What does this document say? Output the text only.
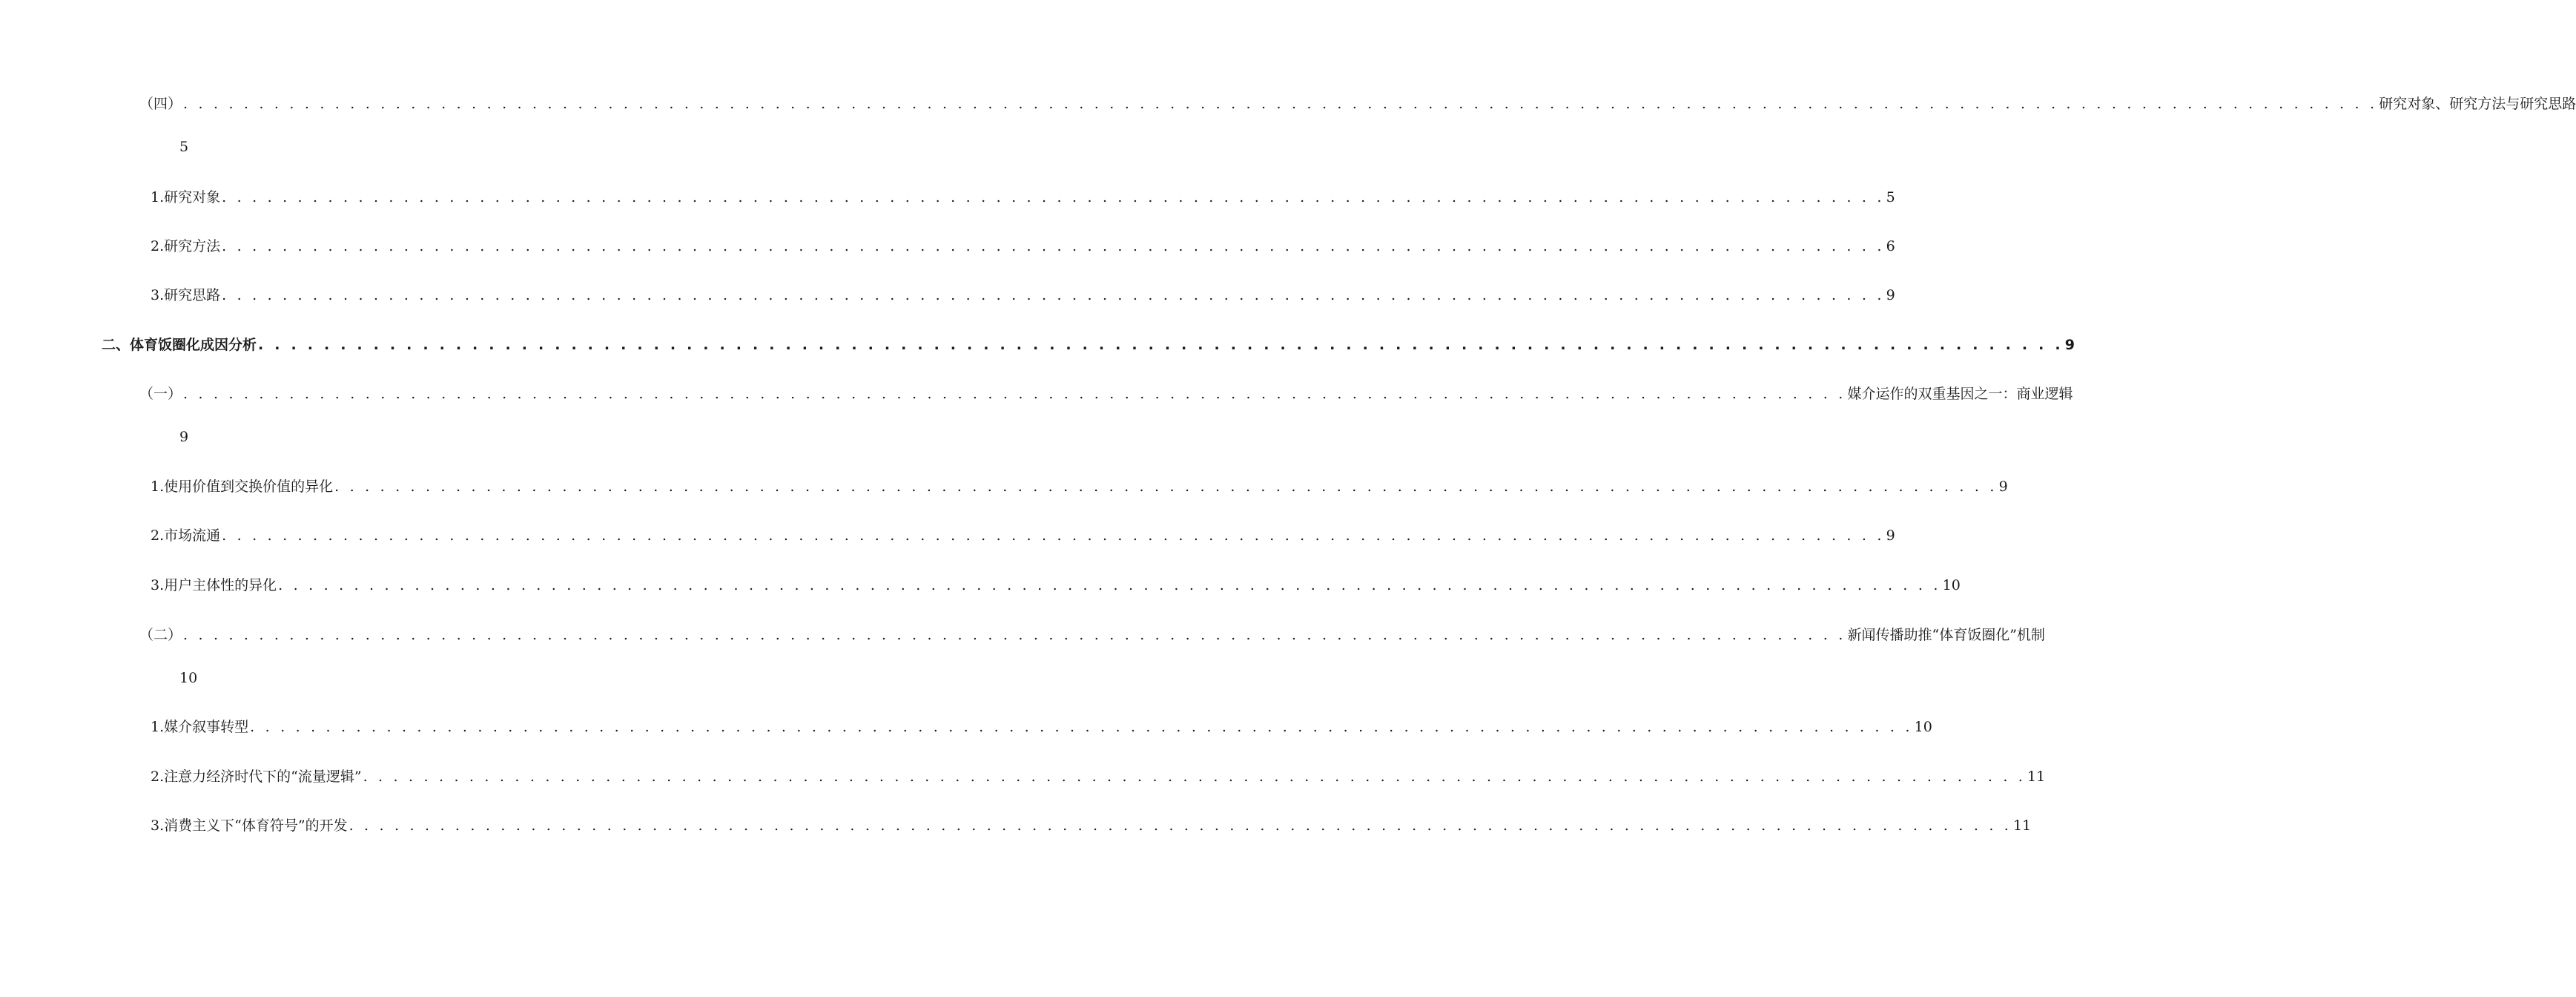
（四） . . . . . . . . . . . . . . . . . . . . . . . . . . . . . . . . . . . . . . . . . . . . . . . . . . . . . . . . . . . . . . . . . . . . . . . . . . . . . . . . . . . . . . . . . . . . . . . . . . . . . . . . . . . . . . . . . . . . . . . . . . . . . . . . . . . . . . . . . . . . . . . . . 研究对象、研究方法与研究思路
5
1. 研究对象 . . . . . . . . . . . . . . . . . . . . . . . . . . . . . . . . . . . . . . . . . . . . . . . . . . . . . . . . . . . . . . . . . . . . . . . . . . . . . . . . . . . . . . . . . . . . . . . . . . . . . . . . . . . . . . 5
2. 研究方法 . . . . . . . . . . . . . . . . . . . . . . . . . . . . . . . . . . . . . . . . . . . . . . . . . . . . . . . . . . . . . . . . . . . . . . . . . . . . . . . . . . . . . . . . . . . . . . . . . . . . . . . . . . . . . . 6
3. 研究思路 . . . . . . . . . . . . . . . . . . . . . . . . . . . . . . . . . . . . . . . . . . . . . . . . . . . . . . . . . . . . . . . . . . . . . . . . . . . . . . . . . . . . . . . . . . . . . . . . . . . . . . . . . . . . . . 9
二、 体育饭圈化成因分析 . . . . . . . . . . . . . . . . . . . . . . . . . . . . . . . . . . . . . . . . . . . . . . . . . . . . . . . . . . . . . . . . . . . . . . . . . . . . . . . . . . . . . . . . . . . . . . . . . . . . . . . . . . . . . . 9
（一） . . . . . . . . . . . . . . . . . . . . . . . . . . . . . . . . . . . . . . . . . . . . . . . . . . . . . . . . . . . . . . . . . . . . . . . . . . . . . . . . . . . . . . . . . . . . . . . . . . . . . . . . . . . . . . 媒介运作的双重基因之一：商业逻辑
9
1. 使用价值到交换价值的异化 . . . . . . . . . . . . . . . . . . . . . . . . . . . . . . . . . . . . . . . . . . . . . . . . . . . . . . . . . . . . . . . . . . . . . . . . . . . . . . . . . . . . . . . . . . . . . . . . . . . . . . . . . . . . . . 9
2. 市场流通 . . . . . . . . . . . . . . . . . . . . . . . . . . . . . . . . . . . . . . . . . . . . . . . . . . . . . . . . . . . . . . . . . . . . . . . . . . . . . . . . . . . . . . . . . . . . . . . . . . . . . . . . . . . . . . 9
3. 用户主体性的异化 . . . . . . . . . . . . . . . . . . . . . . . . . . . . . . . . . . . . . . . . . . . . . . . . . . . . . . . . . . . . . . . . . . . . . . . . . . . . . . . . . . . . . . . . . . . . . . . . . . . . . . . . . . . . . . 10
（二） . . . . . . . . . . . . . . . . . . . . . . . . . . . . . . . . . . . . . . . . . . . . . . . . . . . . . . . . . . . . . . . . . . . . . . . . . . . . . . . . . . . . . . . . . . . . . . . . . . . . . . . . . . . . . . 新闻传播助推“体育饭圈化”机制
10
1. 媒介叙事转型 . . . . . . . . . . . . . . . . . . . . . . . . . . . . . . . . . . . . . . . . . . . . . . . . . . . . . . . . . . . . . . . . . . . . . . . . . . . . . . . . . . . . . . . . . . . . . . . . . . . . . . . . . . . . . . 10
2. 注意力经济时代下的“流量逻辑” . . . . . . . . . . . . . . . . . . . . . . . . . . . . . . . . . . . . . . . . . . . . . . . . . . . . . . . . . . . . . . . . . . . . . . . . . . . . . . . . . . . . . . . . . . . . . . . . . . . . . . . . . . . . . . 11
3. 消费主义下“体育符号”的开发 . . . . . . . . . . . . . . . . . . . . . . . . . . . . . . . . . . . . . . . . . . . . . . . . . . . . . . . . . . . . . . . . . . . . . . . . . . . . . . . . . . . . . . . . . . . . . . . . . . . . . . . . . . . . . . 11
